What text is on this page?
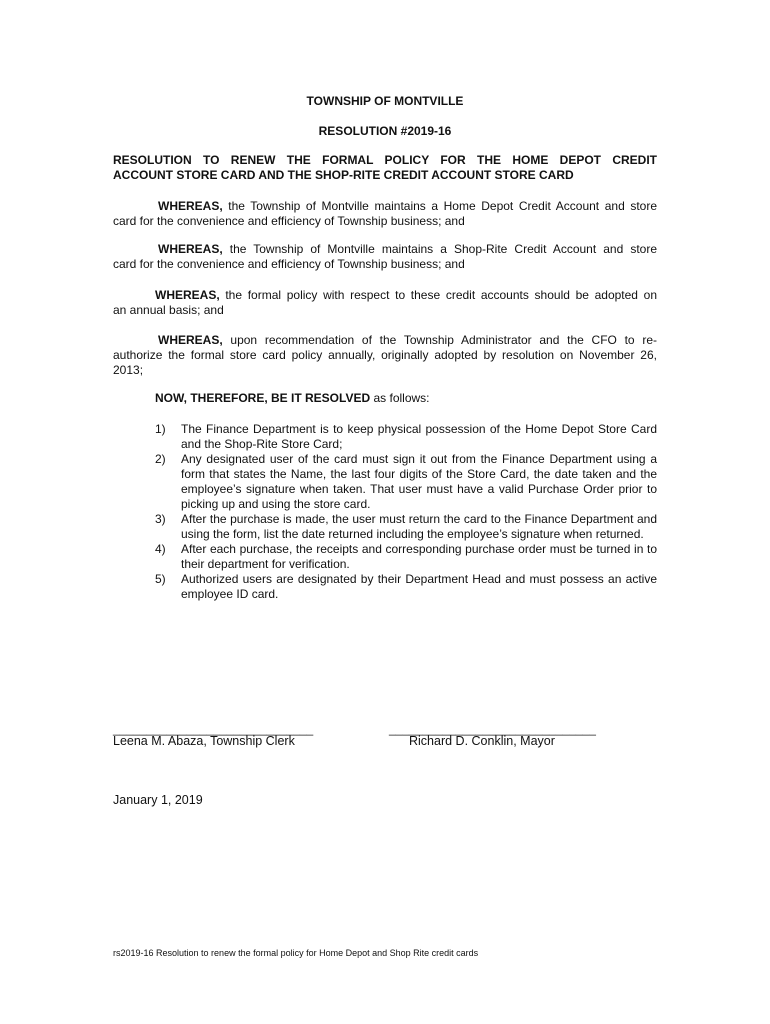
TOWNSHIP OF MONTVILLE
RESOLUTION #2019-16
RESOLUTION TO RENEW THE FORMAL POLICY FOR THE HOME DEPOT CREDIT
ACCOUNT STORE CARD AND THE SHOP-RITE CREDIT ACCOUNT STORE CARD
WHEREAS, the Township of Montville maintains a Home Depot Credit Account and store
card for the convenience and efficiency of Township business; and
WHEREAS, the Township of Montville maintains a Shop-Rite Credit Account and store
card for the convenience and efficiency of Township business; and
WHEREAS, the formal policy with respect to these credit accounts should be adopted on
an annual basis; and
WHEREAS, upon recommendation of the Township Administrator and the CFO to re-
authorize the formal store card policy annually, originally adopted by resolution on November 26, 2013;
NOW, THEREFORE, BE IT RESOLVED as follows:
1) The Finance Department is to keep physical possession of the Home Depot Store Card and the Shop-Rite Store Card;
2) Any designated user of the card must sign it out from the Finance Department using a form that states the Name, the last four digits of the Store Card, the date taken and the employee’s signature when taken. That user must have a valid Purchase Order prior to picking up and using the store card.
3) After the purchase is made, the user must return the card to the Finance Department and using the form, list the date returned including the employee’s signature when returned.
4) After each purchase, the receipts and corresponding purchase order must be turned in to their department for verification.
5) Authorized users are designated by their Department Head and must possess an active employee ID card.
______________________________	_______________________________
Leena M. Abaza, Township Clerk	Richard D. Conklin, Mayor
January 1, 2019
rs2019-16 Resolution to renew the formal policy for Home Depot and Shop Rite credit cards
